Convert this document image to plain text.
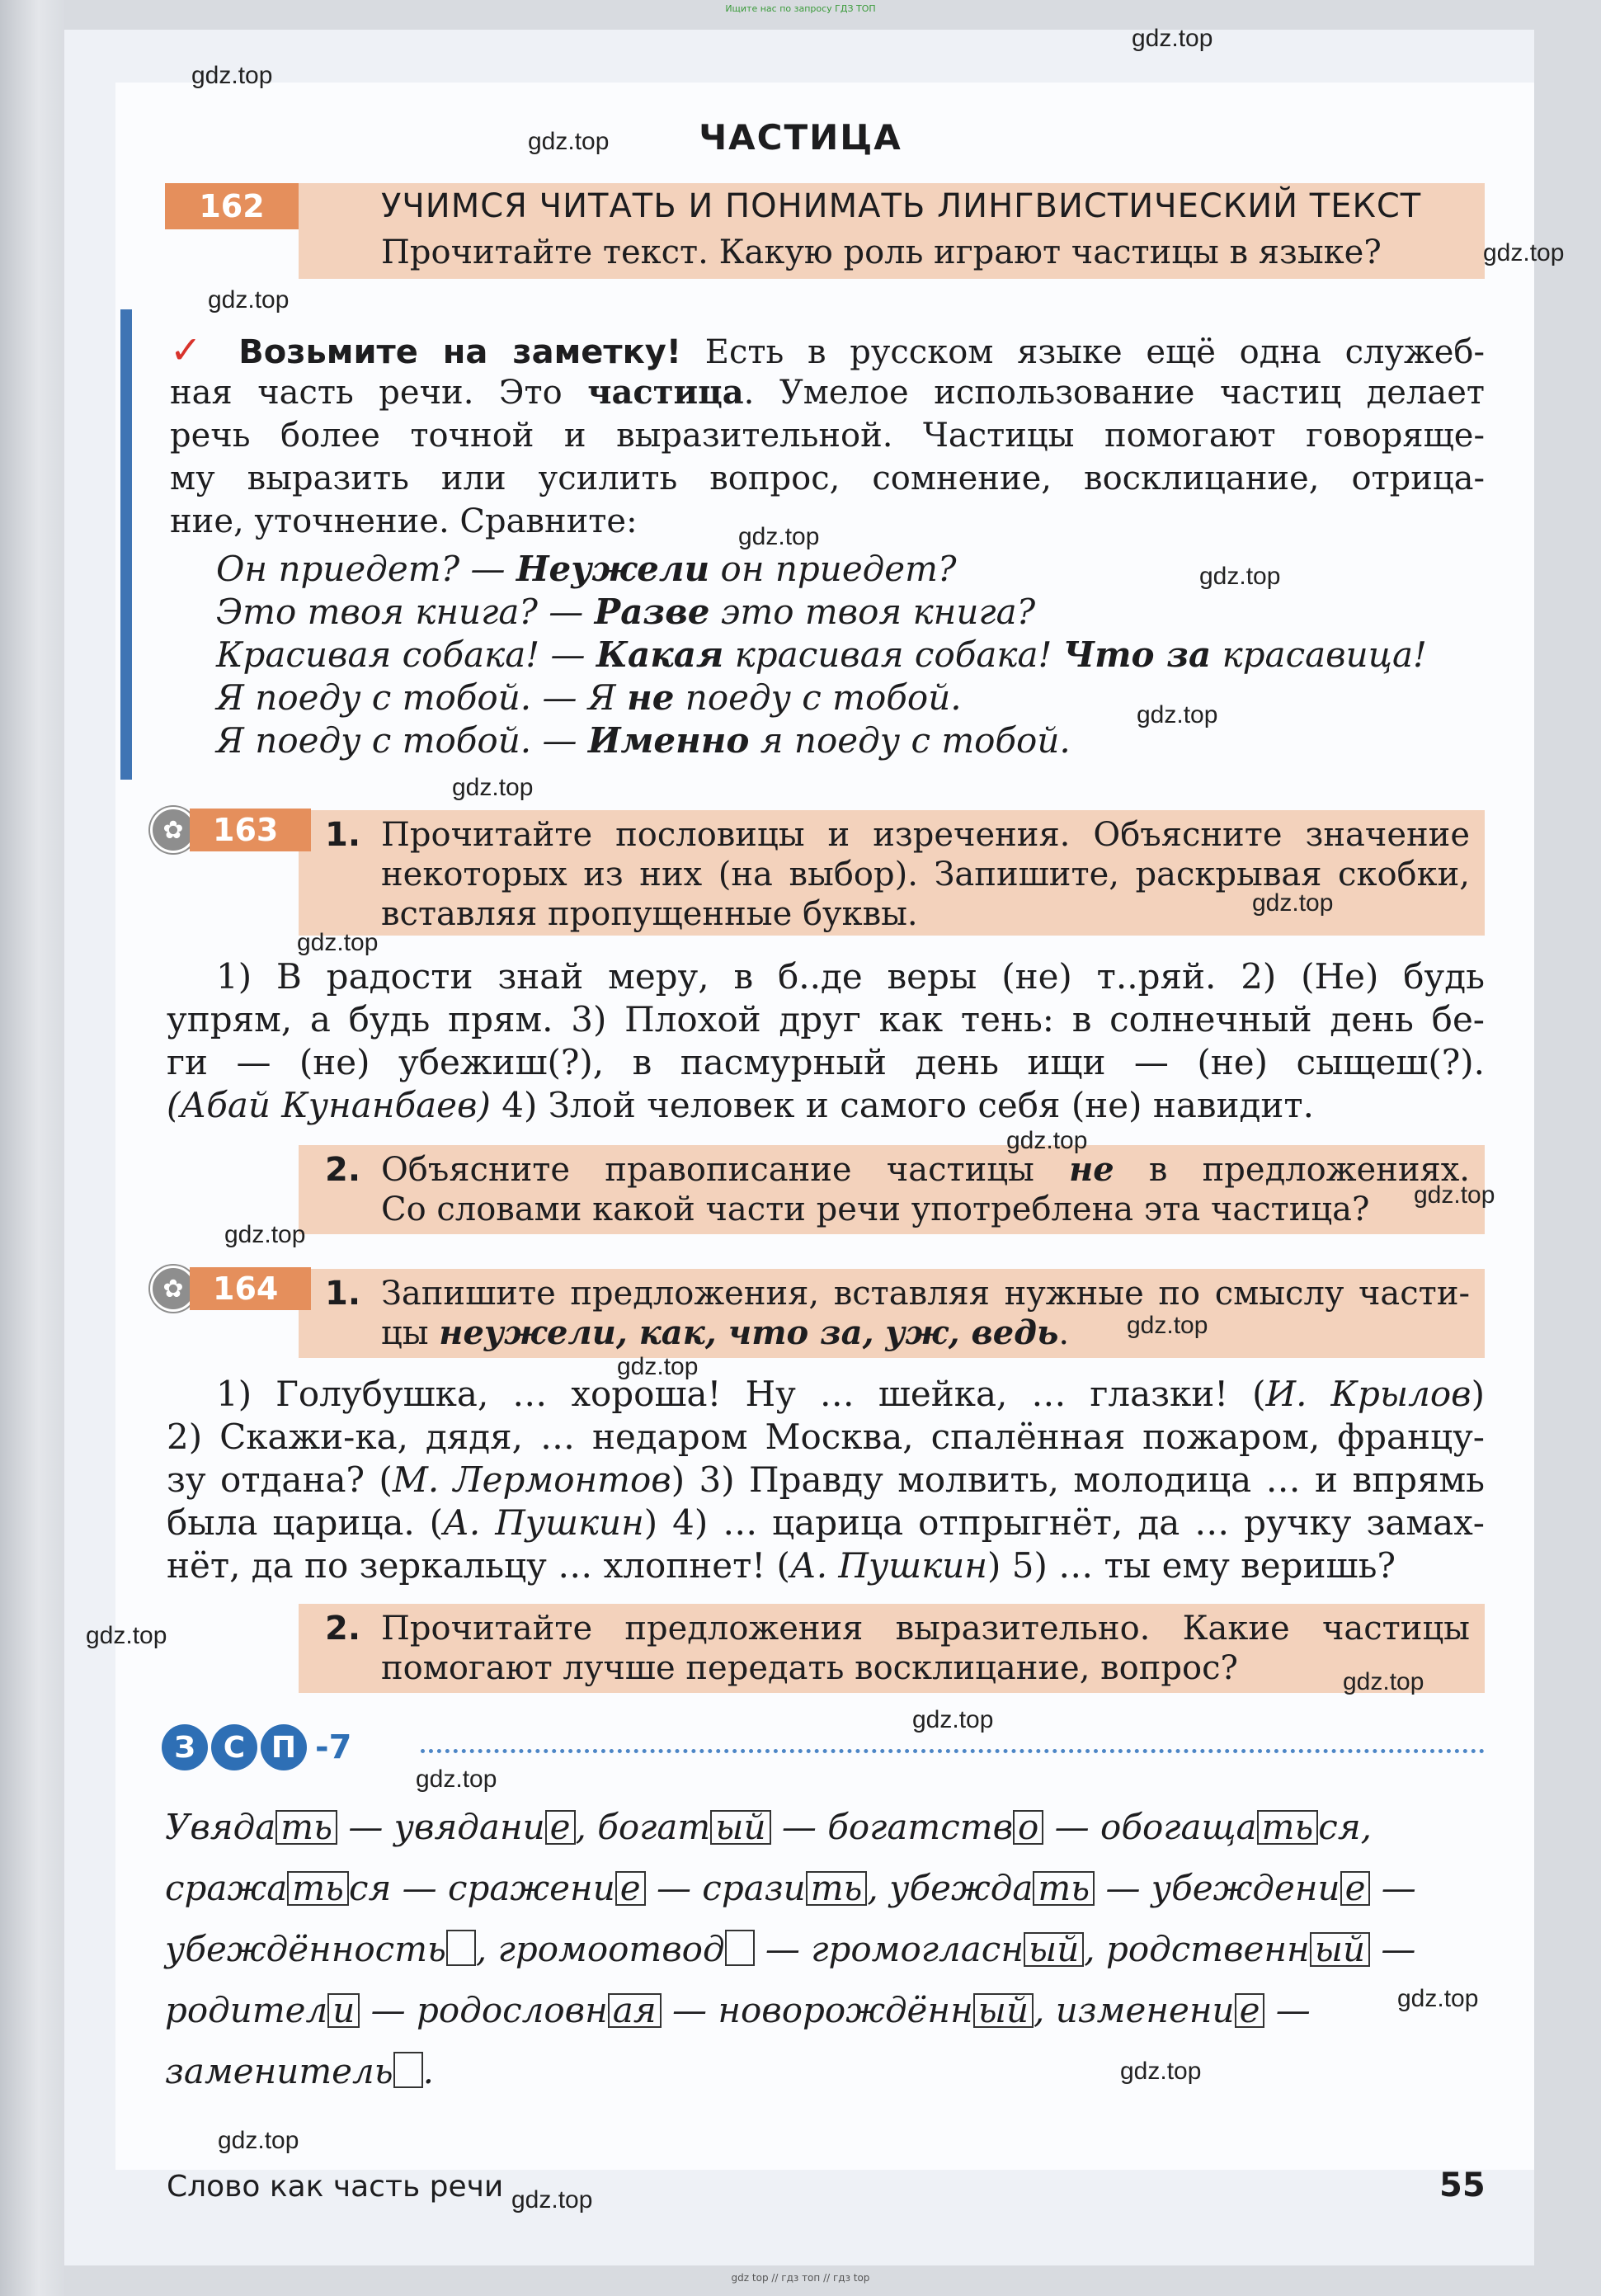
Ищите нас по запросу ГДЗ ТОП
ЧАСТИЦА
162	УЧИМСЯ ЧИТАТЬ И ПОНИМАТЬ ЛИНГВИСТИЧЕСКИЙ ТЕКСТ
Прочитайте текст. Какую роль играют частицы в языке?
✓ Возьмите на заметку! Есть в русском языке ещё одна служеб-
ная часть речи. Это частица. Умелое использование частиц делает
речь более точной и выразительной. Частицы помогают говоряще-
му выразить или усилить вопрос, сомнение, восклицание, отрица-
ние, уточнение. Сравните:
Он приедет? — Неужели он приедет?
Это твоя книга? — Разве это твоя книга?
Красивая собака! — Какая красивая собака! Что за красавица!
Я поеду с тобой. — Я не поеду с тобой.
Я поеду с тобой. — Именно я поеду с тобой.
✿ 163	1. Прочитайте пословицы и изречения. Объясните значение
некоторых из них (на выбор). Запишите, раскрывая скобки,
вставляя пропущенные буквы.
1) В радости знай меру, в б..де веры (не) т..ряй. 2) (Не) будь
упрям, а будь прям. 3) Плохой друг как тень: в солнечный день бе-
ги — (не) убежиш(?), в пасмурный день ищи — (не) сыщеш(?).
(Абай Кунанбаев) 4) Злой человек и самого себя (не) навидит.
2. Объясните правописание частицы не в предложениях.
Со словами какой части речи употреблена эта частица?
✿ 164	1. Запишите предложения, вставляя нужные по смыслу части-
цы неужели, как, что за, уж, ведь.
1) Голубушка, … хороша! Ну … шейка, … глазки! (И. Крылов)
2) Скажи-ка, дядя, … недаром Москва, спалённая пожаром, францу-
зу отдана? (М. Лермонтов) 3) Правду молвить, молодица … и впрямь
была царица. (А. Пушкин) 4) … царица отпрыгнёт, да … ручку замах-
нёт, да по зеркальцу … хлопнет! (А. Пушкин) 5) … ты ему веришь?
2. Прочитайте предложения выразительно. Какие частицы
помогают лучше передать восклицание, вопрос?
З С П -7
Увяда ть — увядани е , богат ый — богатств о — обогаща ть ся,
сража ть ся — сражени е — срази ть , убежда ть — убеждени е —
убеждённость , громоотвод — громогласн ый , родственн ый —
родител и — родословн ая — новорождённ ый , изменени е —
заменитель .
Слово как часть речи	55
gdz.top
gdz.top
gdz.top
gdz.top
gdz.top
gdz.top
gdz.top
gdz.top
gdz.top
gdz.top
gdz.top
gdz.top
gdz.top
gdz.top
gdz.top
gdz.top
gdz.top
gdz.top
gdz.top
gdz.top
gdz.top
gdz.top
gdz.top
gdz.top
gdz top // гдз топ // гдз top
